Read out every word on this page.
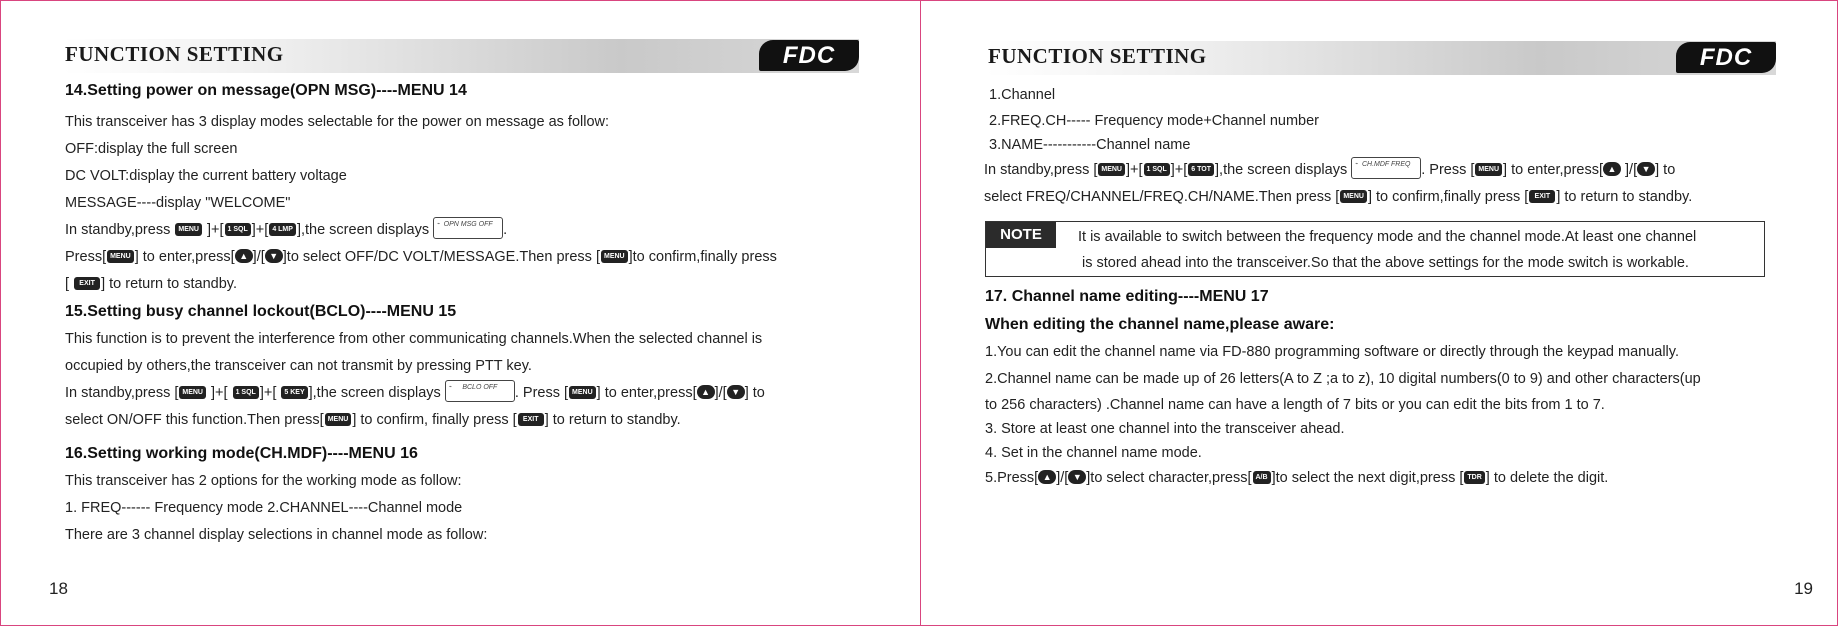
FUNCTION SETTING	FDC
14.Setting power on message(OPN MSG)----MENU 14
This transceiver has 3 display modes selectable for the power on message as follow:
OFF:display the full screen
DC VOLT:display the current battery voltage
MESSAGE----display "WELCOME"
In standby,press MENU ]+[ 1 SQL ]+[ 4 LMP ],the screen displays ⌁ OPN MSG OFF .
Press[ MENU ] to enter,press[ ▲ ]/[ ▼ ]to select OFF/DC VOLT/MESSAGE.Then press [ MENU ]to confirm,finally press
[ EXIT ] to return to standby.
15.Setting busy channel lockout(BCLO)----MENU 15
This function is to prevent the interference from other communicating channels.When the selected channel is
occupied by others,the transceiver can not transmit by pressing PTT key.
In standby,press [ MENU ]+[ 1 SQL ]+[ 5 KEY ],the screen displays ⌁ BCLO OFF . Press [ MENU ] to enter,press[ ▲ ]/[ ▼ ] to
select ON/OFF this function.Then press[ MENU ] to confirm, finally press [ EXIT ] to return to standby.
16.Setting working mode(CH.MDF)----MENU 16
This transceiver has 2 options for the working mode as follow:
1. FREQ------ Frequency mode 2.CHANNEL----Channel mode
There are 3 channel display selections in channel mode as follow:
18
FUNCTION SETTING	FDC
1.Channel
2.FREQ.CH----- Frequency mode+Channel number
3.NAME-----------Channel name
In standby,press [ MENU ]+[ 1 SQL ]+[ 6 TOT ],the screen displays ⌁ CH.MDF FREQ . Press [ MENU ] to enter,press[ ▲ ]/[ ▼ ] to
select FREQ/CHANNEL/FREQ.CH/NAME.Then press [ MENU ] to confirm,finally press [ EXIT ] to return to standby.
NOTE	It is available to switch between the frequency mode and the channel mode.At least one channel
is stored ahead into the transceiver.So that the above settings for the mode switch is workable.
17. Channel name editing----MENU 17
When editing the channel name,please aware:
1.You can edit the channel name via FD-880 programming software or directly through the keypad manually.
2.Channel name can be made up of 26 letters(A to Z ;a to z), 10 digital numbers(0 to 9) and other characters(up
to 256 characters) .Channel name can have a length of 7 bits or you can edit the bits from 1 to 7.
3. Store at least one channel into the transceiver ahead.
4. Set in the channel name mode.
5.Press[ ▲ ]/[ ▼ ]to select character,press[ A/B ]to select the next digit,press [ TDR ] to delete the digit.
19
